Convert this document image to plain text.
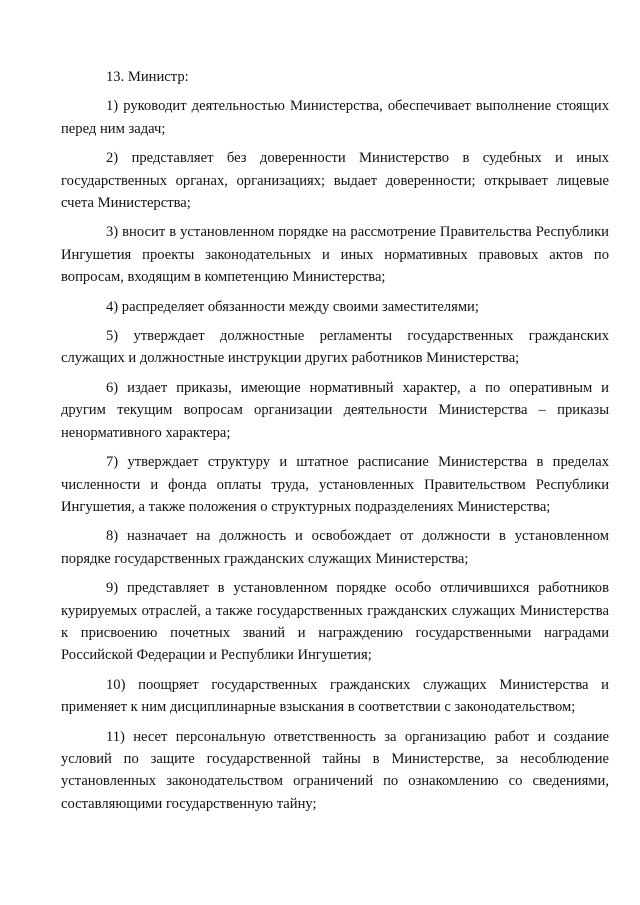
13. Министр:

1) руководит деятельностью Министерства, обеспечивает выполнение стоящих перед ним задач;

2) представляет без доверенности Министерство в судебных и иных государственных органах, организациях; выдает доверенности; открывает лицевые счета Министерства;

3) вносит в установленном порядке на рассмотрение Правительства Республики Ингушетия проекты законодательных и иных нормативных правовых актов по вопросам, входящим в компетенцию Министерства;

4) распределяет обязанности между своими заместителями;

5) утверждает должностные регламенты государственных гражданских служащих и должностные инструкции других работников Министерства;

6) издает приказы, имеющие нормативный характер, а по оперативным и другим текущим вопросам организации деятельности Министерства – приказы ненормативного характера;

7) утверждает структуру и штатное расписание Министерства в пределах численности и фонда оплаты труда, установленных Правительством Республики Ингушетия, а также положения о структурных подразделениях Министерства;

8) назначает на должность и освобождает от должности в установленном порядке государственных гражданских служащих Министерства;

9) представляет в установленном порядке особо отличившихся работников курируемых отраслей, а также государственных гражданских служащих Министерства к присвоению почетных званий и награждению государственными наградами Российской Федерации и Республики Ингушетия;

10) поощряет государственных гражданских служащих Министерства и применяет к ним дисциплинарные взыскания в соответствии с законодательством;

11) несет персональную ответственность за организацию работ и создание условий по защите государственной тайны в Министерстве, за несоблюдение установленных законодательством ограничений по ознакомлению со сведениями, составляющими государственную тайну;
